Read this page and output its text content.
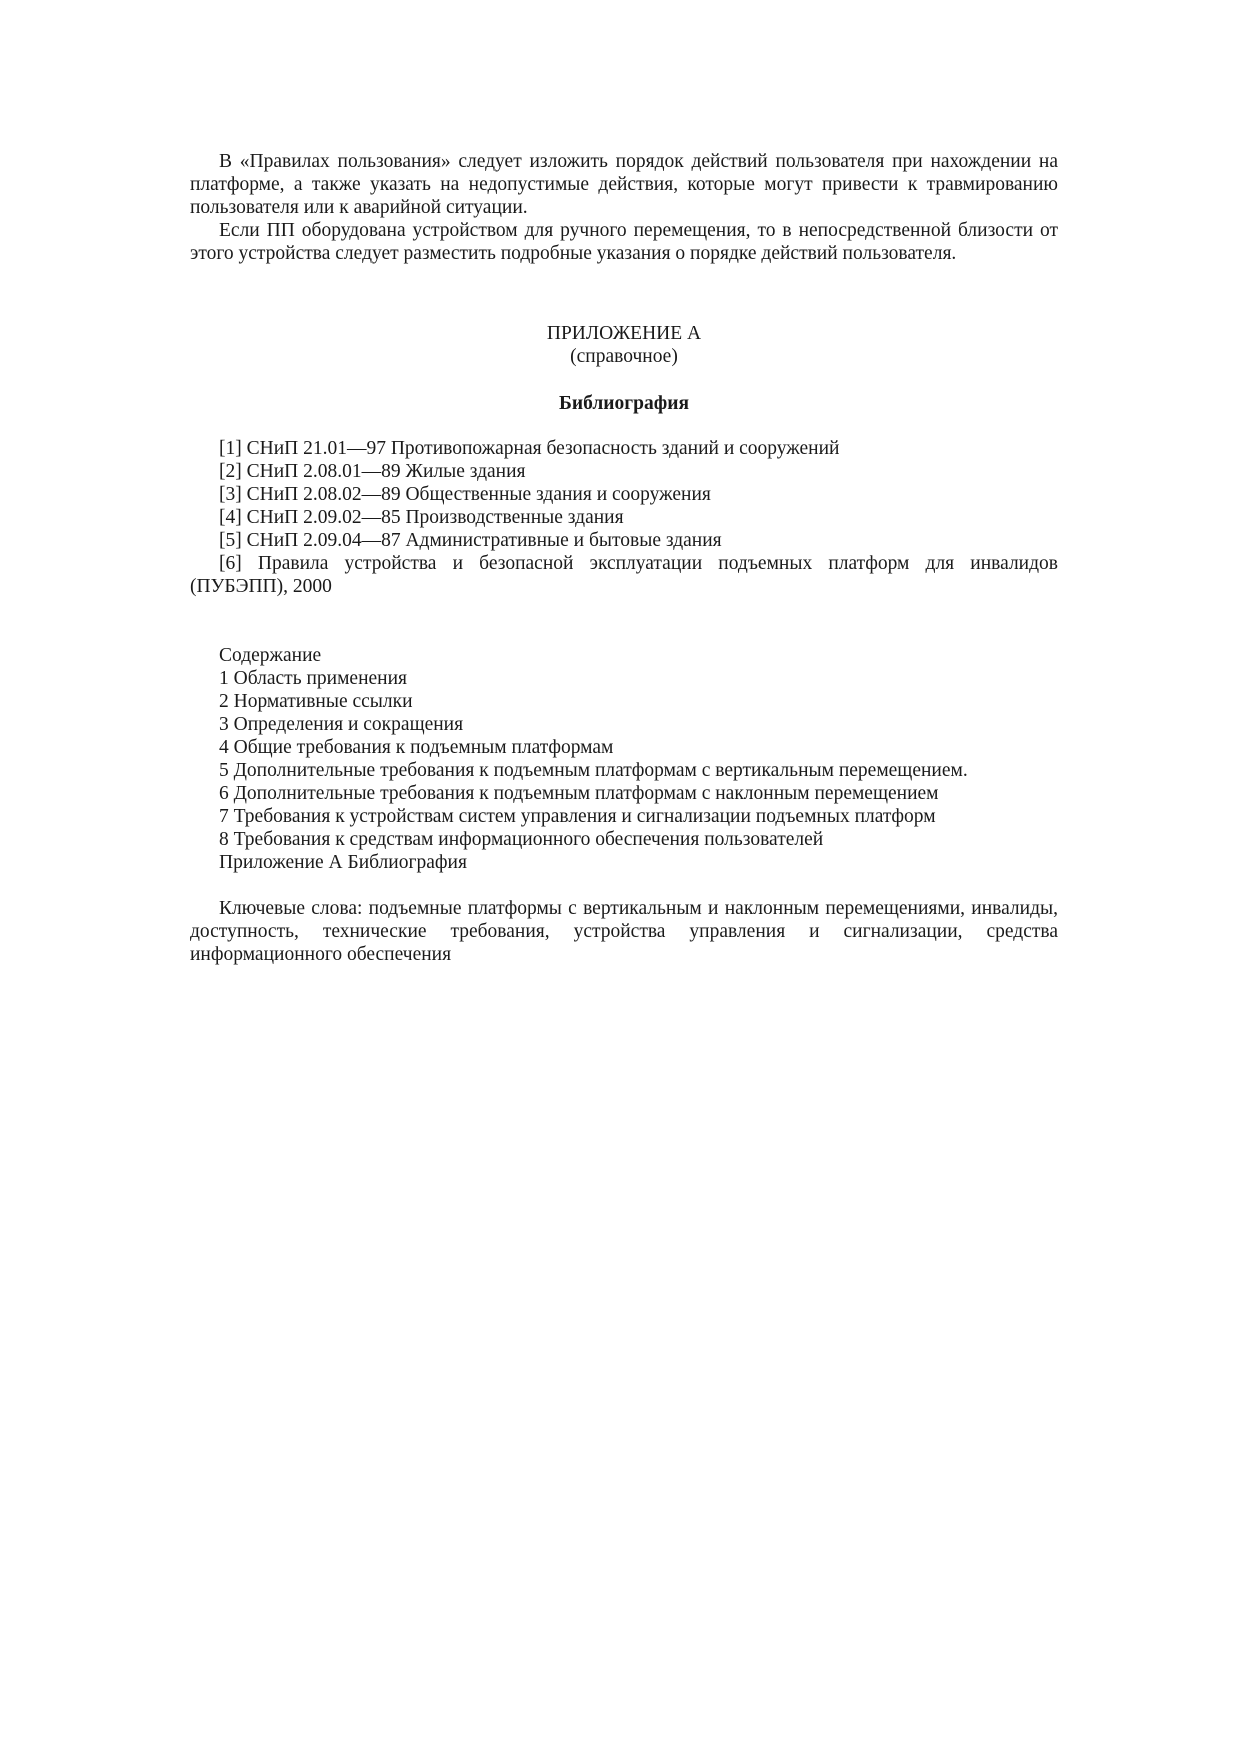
В «Правилах пользования» следует изложить порядок действий пользователя при нахождении на платформе, а также указать на недопустимые действия, которые могут привести к травмированию пользователя или к аварийной ситуации.

Если ПП оборудована устройством для ручного перемещения, то в непосредственной близости от этого устройства следует разместить подробные указания о порядке действий пользователя.

ПРИЛОЖЕНИЕ А

(справочное)

Библиография

[1] СНиП 21.01—97 Противопожарная безопасность зданий и сооружений

[2] СНиП 2.08.01—89 Жилые здания

[3] СНиП 2.08.02—89 Общественные здания и сооружения

[4] СНиП 2.09.02—85 Производственные здания

[5] СНиП 2.09.04—87 Административные и бытовые здания

[6] Правила устройства и безопасной эксплуатации подъемных платформ для инвалидов (ПУБЭПП), 2000

Содержание

1 Область применения

2 Нормативные ссылки

3 Определения и сокращения

4 Общие требования к подъемным платформам

5 Дополнительные требования к подъемным платформам с вертикальным перемещением.

6 Дополнительные требования к подъемным платформам с наклонным перемещением

7 Требования к устройствам систем управления и сигнализации подъемных платформ

8 Требования к средствам информационного обеспечения пользователей

Приложение А Библиография

Ключевые слова: подъемные платформы с вертикальным и наклонным перемещениями, инвалиды, доступность, технические требования, устройства управления и сигнализации, средства информационного обеспечения
